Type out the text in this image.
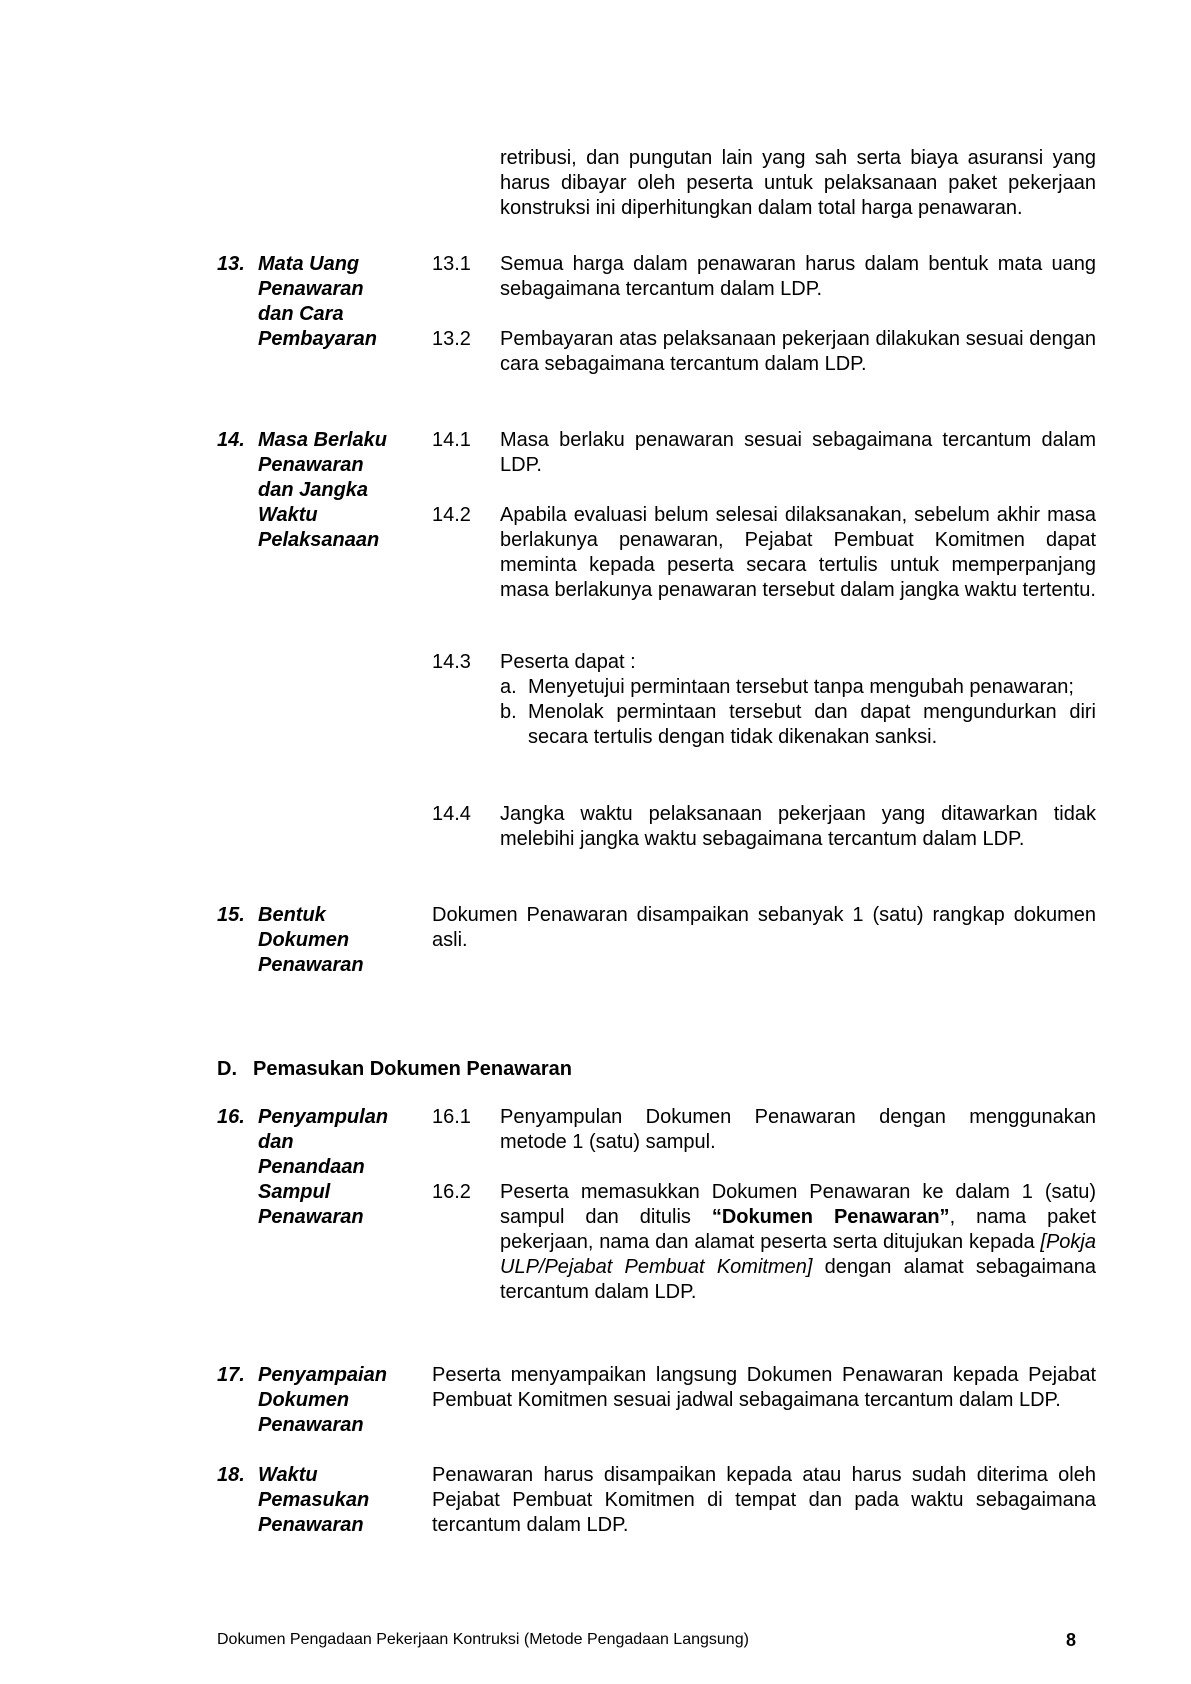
retribusi, dan pungutan lain yang sah serta biaya asuransi yang harus dibayar oleh peserta untuk pelaksanaan paket pekerjaan konstruksi ini diperhitungkan dalam total harga penawaran.
13. Mata Uang
Penawaran
dan Cara
Pembayaran
13.1 Semua harga dalam penawaran harus dalam bentuk mata uang sebagaimana tercantum dalam LDP.
13.2 Pembayaran atas pelaksanaan pekerjaan dilakukan sesuai dengan cara sebagaimana tercantum dalam LDP.
14. Masa Berlaku
Penawaran
dan Jangka
Waktu
Pelaksanaan
14.1 Masa berlaku penawaran sesuai sebagaimana tercantum dalam LDP.
14.2 Apabila evaluasi belum selesai dilaksanakan, sebelum akhir masa berlakunya penawaran, Pejabat Pembuat Komitmen dapat meminta kepada peserta secara tertulis untuk memperpanjang masa berlakunya penawaran tersebut dalam jangka waktu tertentu.
14.3 Peserta dapat :
a. Menyetujui permintaan tersebut tanpa mengubah penawaran;
b. Menolak permintaan tersebut dan dapat mengundurkan diri secara tertulis dengan tidak dikenakan sanksi.
14.4 Jangka waktu pelaksanaan pekerjaan yang ditawarkan tidak melebihi jangka waktu sebagaimana tercantum dalam LDP.
15. Bentuk
Dokumen
Penawaran
Dokumen Penawaran disampaikan sebanyak 1 (satu) rangkap dokumen asli.
D. Pemasukan Dokumen Penawaran
16. Penyampulan
dan
Penandaan
Sampul
Penawaran
16.1 Penyampulan Dokumen Penawaran dengan menggunakan metode 1 (satu) sampul.
16.2 Peserta memasukkan Dokumen Penawaran ke dalam 1 (satu) sampul dan ditulis “Dokumen Penawaran”, nama paket pekerjaan, nama dan alamat peserta serta ditujukan kepada [Pokja ULP/Pejabat Pembuat Komitmen] dengan alamat sebagaimana tercantum dalam LDP.
17. Penyampaian
Dokumen
Penawaran
Peserta menyampaikan langsung Dokumen Penawaran kepada Pejabat Pembuat Komitmen sesuai jadwal sebagaimana tercantum dalam LDP.
18. Waktu
Pemasukan
Penawaran
Penawaran harus disampaikan kepada atau harus sudah diterima oleh Pejabat Pembuat Komitmen di tempat dan pada waktu sebagaimana tercantum dalam LDP.
Dokumen Pengadaan Pekerjaan Kontruksi (Metode Pengadaan Langsung)	8
